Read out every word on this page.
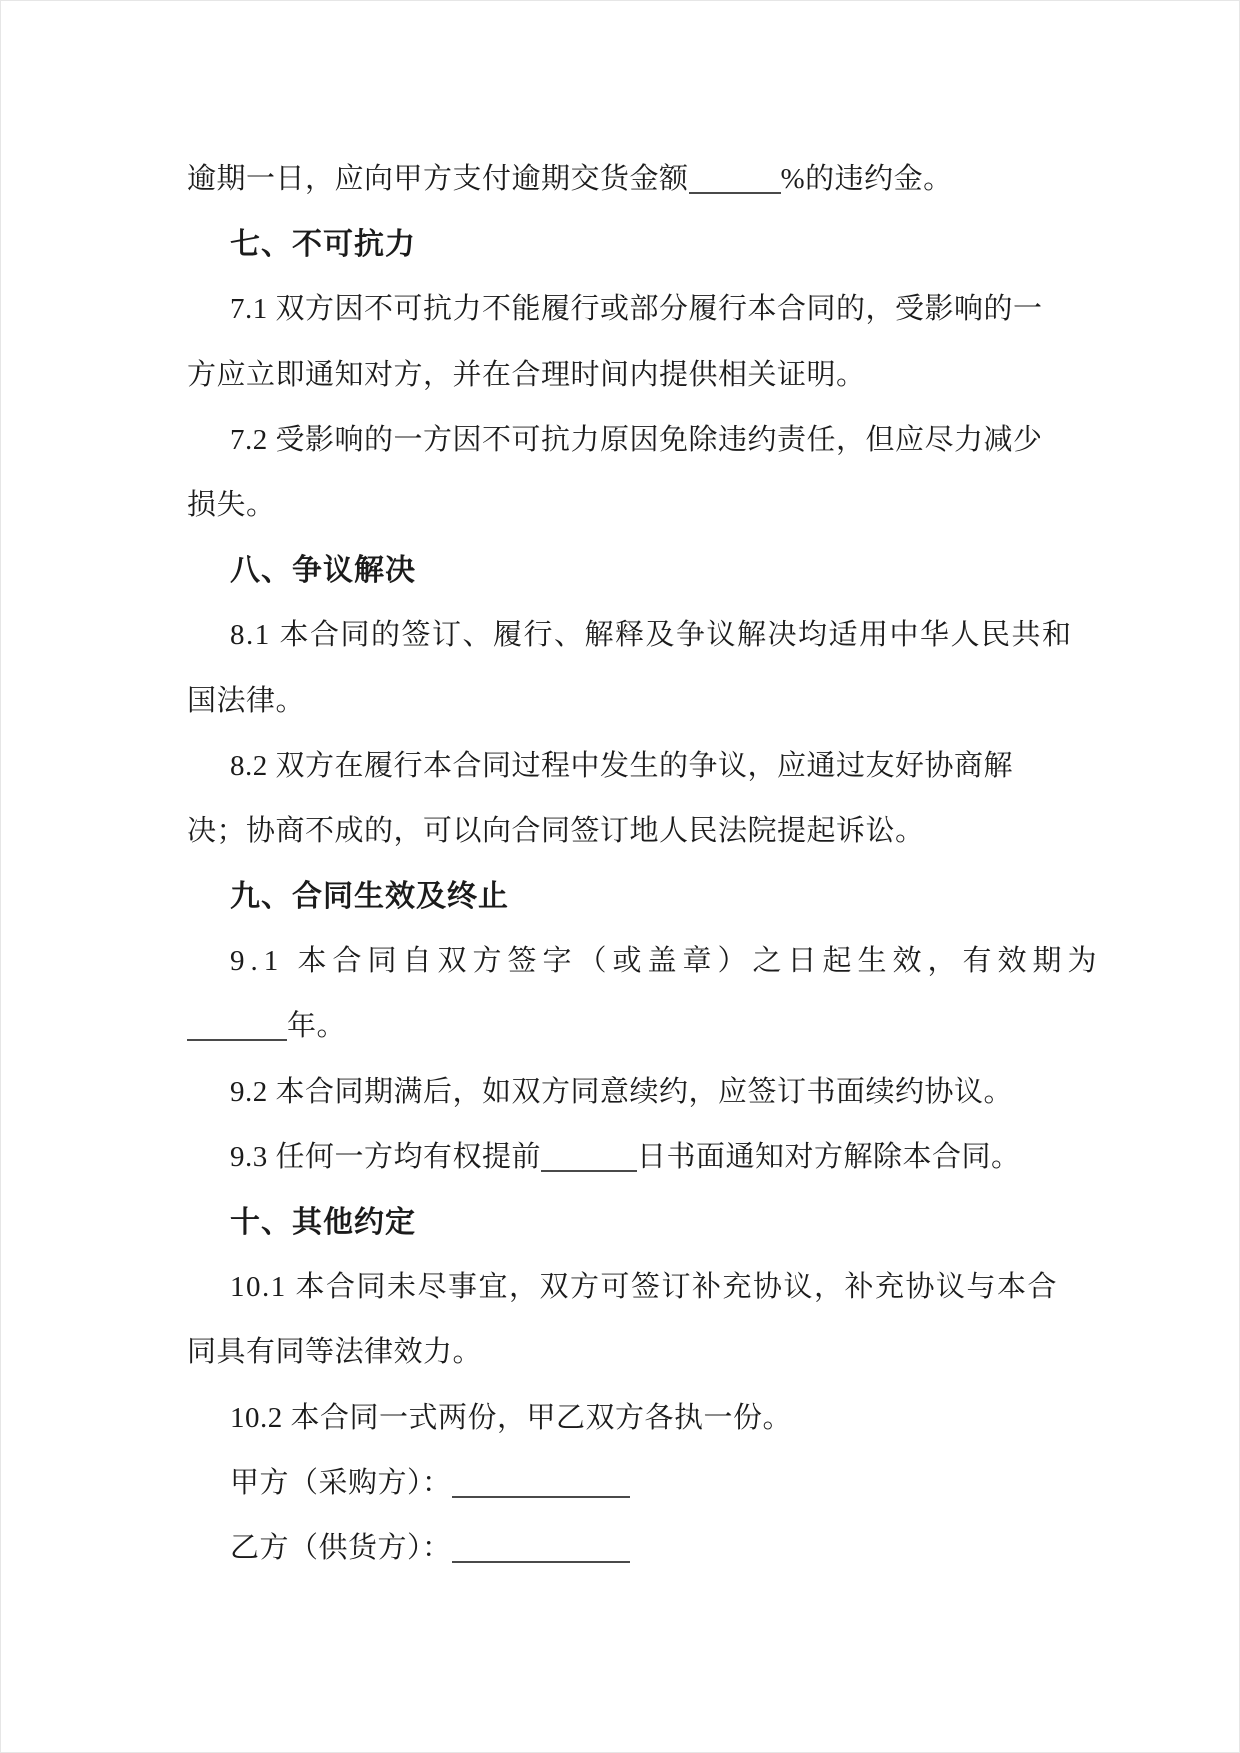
逾期一日，应向甲方支付逾期交货金额	%的违约金。
七、不可抗力
7.1 双方因不可抗力不能履行或部分履行本合同的，受影响的一
方应立即通知对方，并在合理时间内提供相关证明。
7.2 受影响的一方因不可抗力原因免除违约责任，但应尽力减少
损失。
八、争议解决
8.1 本合同的签订、履行、解释及争议解决均适用中华人民共和
国法律。
8.2 双方在履行本合同过程中发生的争议，应通过友好协商解
决；协商不成的，可以向合同签订地人民法院提起诉讼。
九、合同生效及终止
9.1 本合同自双方签字（或盖章）之日起生效，有效期为
年。
9.2 本合同期满后，如双方同意续约，应签订书面续约协议。
9.3 任何一方均有权提前	日书面通知对方解除本合同。
十、其他约定
10.1 本合同未尽事宜，双方可签订补充协议，补充协议与本合
同具有同等法律效力。
10.2 本合同一式两份，甲乙双方各执一份。
甲方（采购方）：
乙方（供货方）：
